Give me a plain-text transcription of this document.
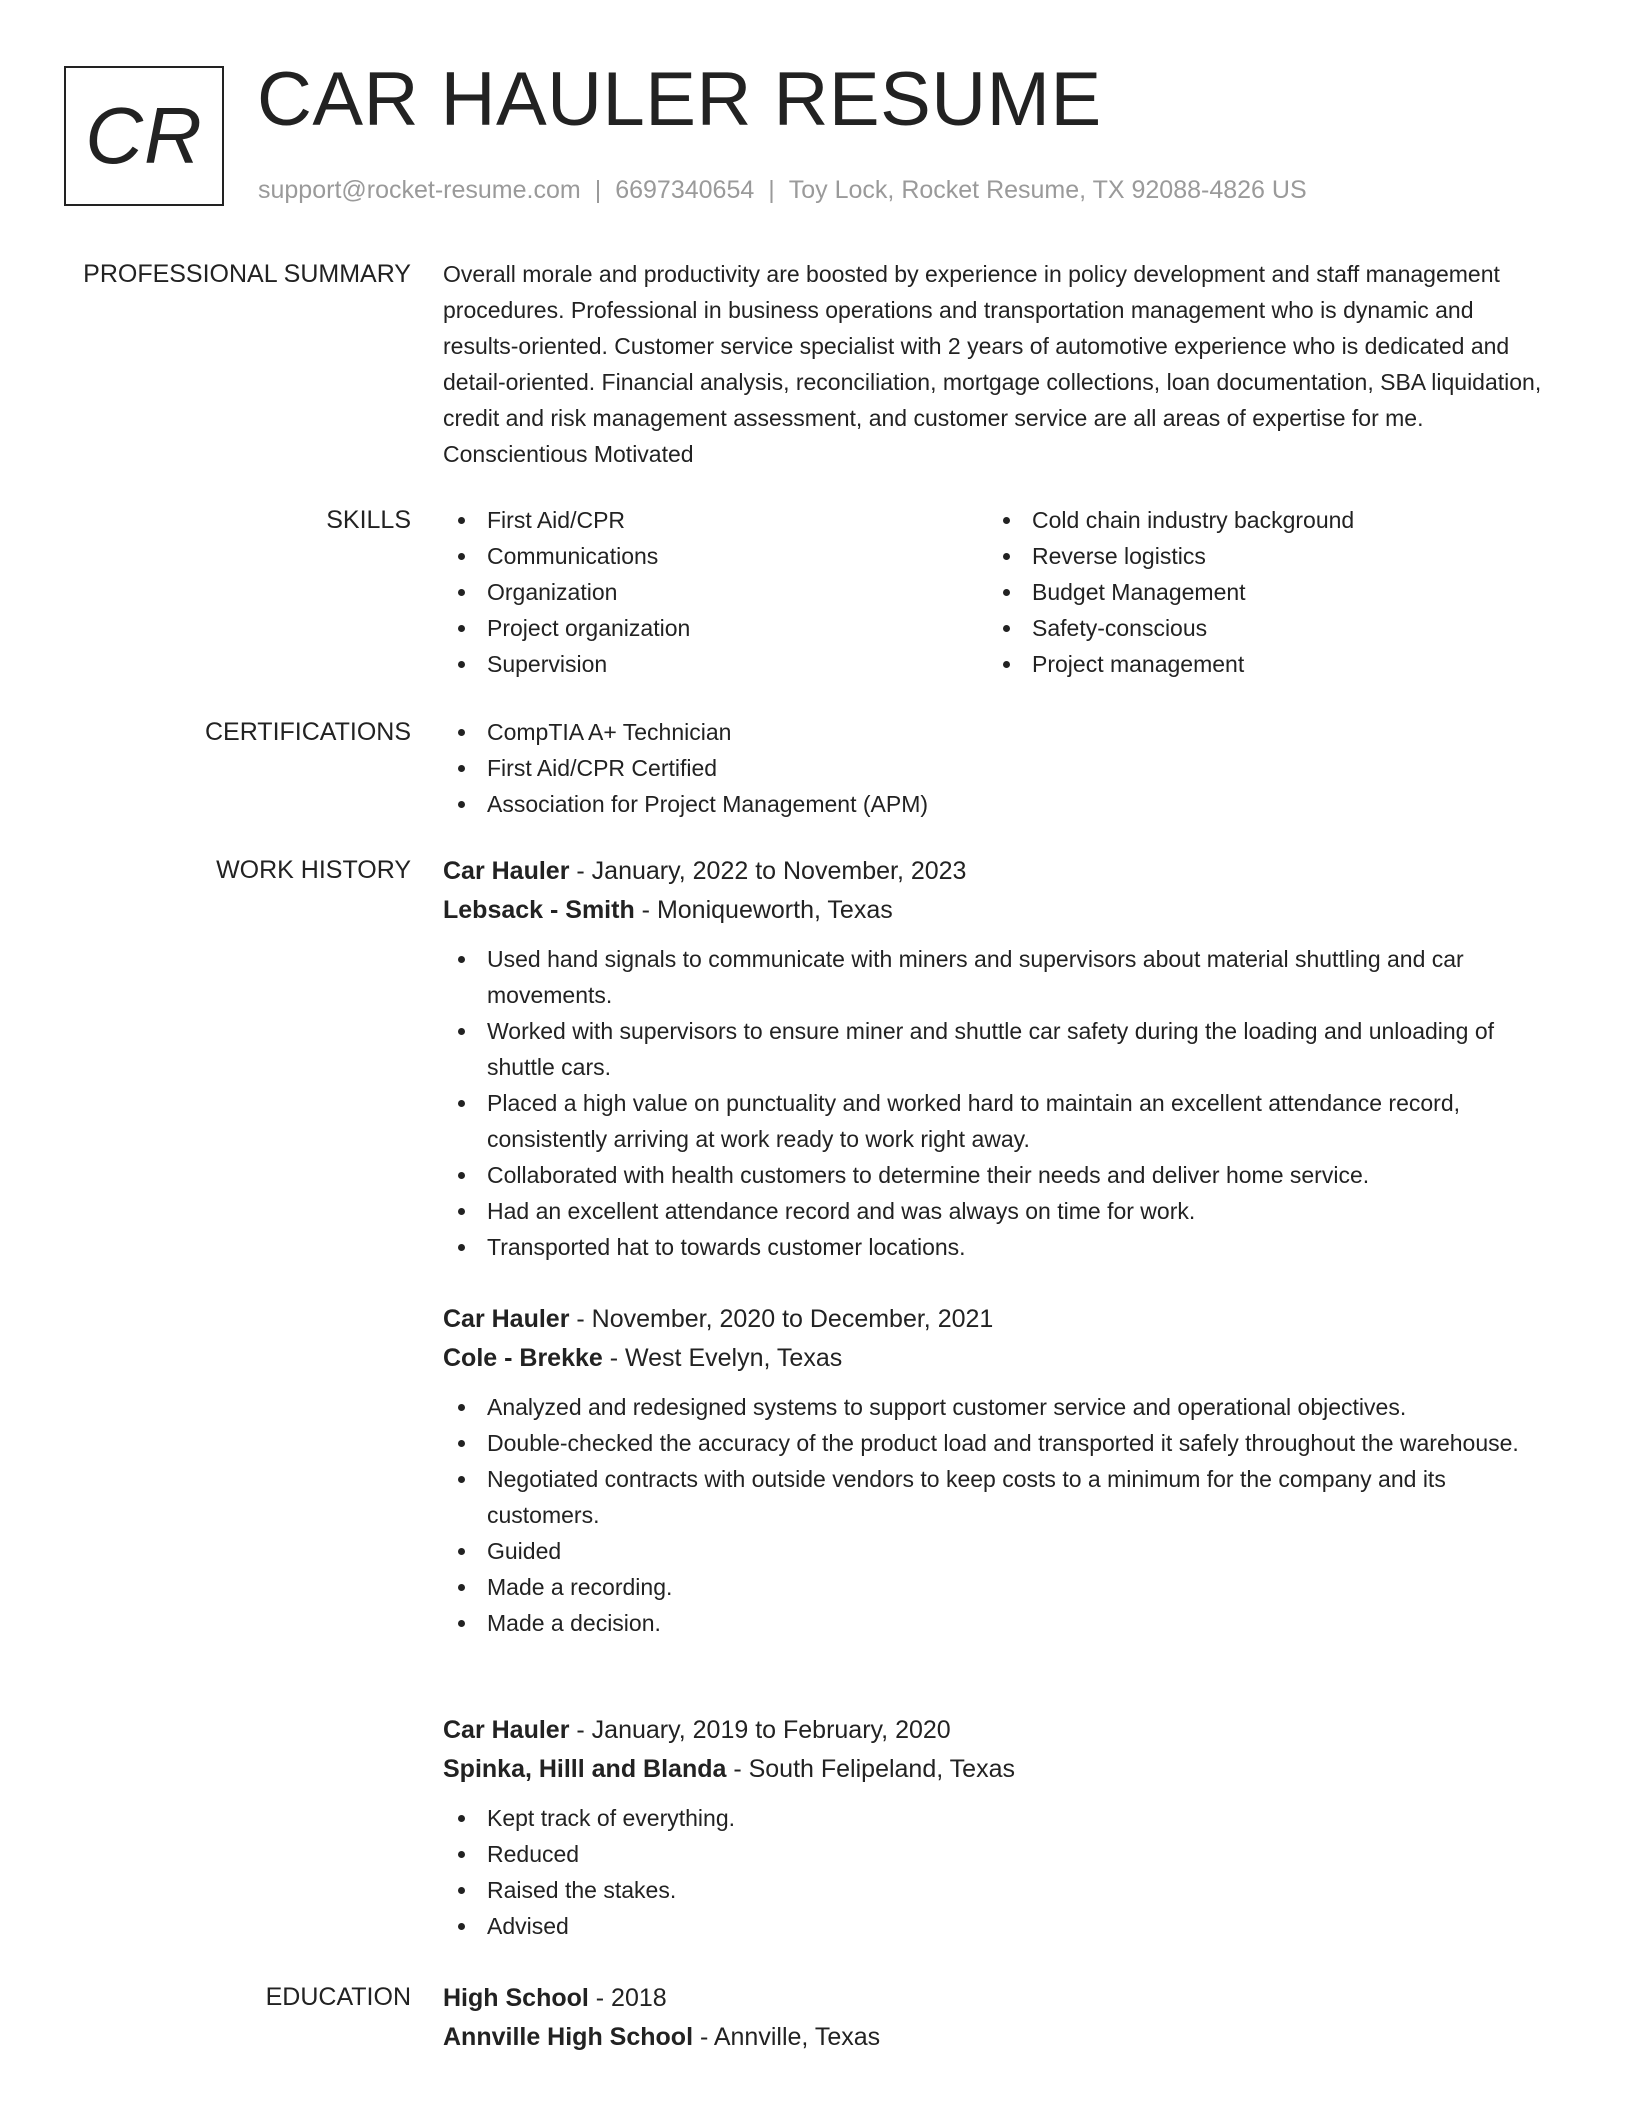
CR CAR HAULER RESUME
support@rocket-resume.com | 6697340654 | Toy Lock, Rocket Resume, TX 92088-4826 US
PROFESSIONAL SUMMARY Overall morale and productivity are boosted by experience in policy development and staff management procedures. Professional in business operations and transportation management who is dynamic and results-oriented. Customer service specialist with 2 years of automotive experience who is dedicated and detail-oriented. Financial analysis, reconciliation, mortgage collections, loan documentation, SBA liquidation, credit and risk management assessment, and customer service are all areas of expertise for me. Conscientious Motivated

SKILLS	First Aid/CPR
Communications
Organization
Project organization
Supervision
Cold chain industry background
Reverse logistics
Budget Management
Safety-conscious
Project management
CERTIFICATIONS	CompTIA A+ Technician
First Aid/CPR Certified
Association for Project Management (APM)
WORK HISTORY Car Hauler - January, 2022 to November, 2023
Lebsack - Smith - Moniqueworth, Texas
Used hand signals to communicate with miners and supervisors about material shuttling and car movements.
Worked with supervisors to ensure miner and shuttle car safety during the loading and unloading of shuttle cars.
Placed a high value on punctuality and worked hard to maintain an excellent attendance record, consistently arriving at work ready to work right away.
Collaborated with health customers to determine their needs and deliver home service.
Had an excellent attendance record and was always on time for work.
Transported hat to towards customer locations.
Car Hauler - November, 2020 to December, 2021
Cole - Brekke - West Evelyn, Texas
Analyzed and redesigned systems to support customer service and operational objectives.
Double-checked the accuracy of the product load and transported it safely throughout the warehouse.
Negotiated contracts with outside vendors to keep costs to a minimum for the company and its customers.
Guided
Made a recording.
Made a decision.
Car Hauler - January, 2019 to February, 2020
Spinka, Hilll and Blanda - South Felipeland, Texas
Kept track of everything.
Reduced
Raised the stakes.
Advised
EDUCATION High School - 2018
Annville High School - Annville, Texas
